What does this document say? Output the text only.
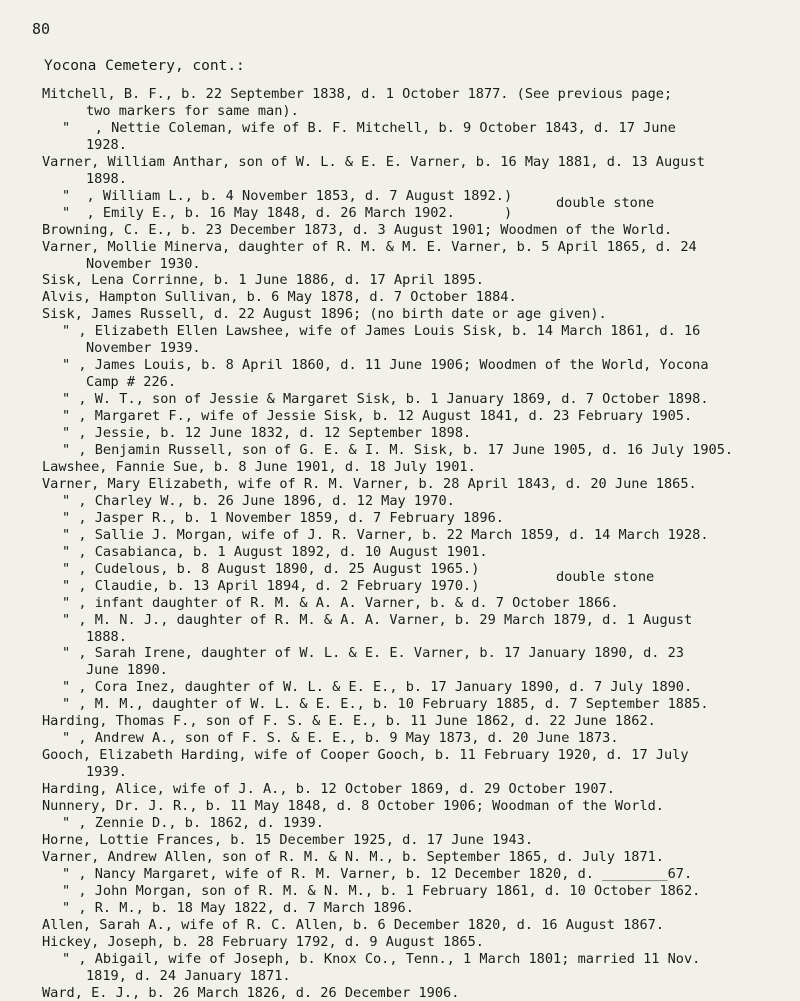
80
Yocona Cemetery, cont.:
Mitchell, B. F., b. 22 September 1838, d. 1 October 1877. (See previous page;
two markers for same man).
"   , Nettie Coleman, wife of B. F. Mitchell, b. 9 October 1843, d. 17 June
1928.
Varner, William Anthar, son of W. L. & E. E. Varner, b. 16 May 1881, d. 13 August
1898.
"  , William L., b. 4 November 1853, d. 7 August 1892.)
"  , Emily E., b. 16 May 1848, d. 26 March 1902.      )
double stone
Browning, C. E., b. 23 December 1873, d. 3 August 1901; Woodmen of the World.
Varner, Mollie Minerva, daughter of R. M. & M. E. Varner, b. 5 April 1865, d. 24
November 1930.
Sisk, Lena Corrinne, b. 1 June 1886, d. 17 April 1895.
Alvis, Hampton Sullivan, b. 6 May 1878, d. 7 October 1884.
Sisk, James Russell, d. 22 August 1896; (no birth date or age given).
" , Elizabeth Ellen Lawshee, wife of James Louis Sisk, b. 14 March 1861, d. 16
November 1939.
" , James Louis, b. 8 April 1860, d. 11 June 1906; Woodmen of the World, Yocona
Camp # 226.
" , W. T., son of Jessie & Margaret Sisk, b. 1 January 1869, d. 7 October 1898.
" , Margaret F., wife of Jessie Sisk, b. 12 August 1841, d. 23 February 1905.
" , Jessie, b. 12 June 1832, d. 12 September 1898.
" , Benjamin Russell, son of G. E. & I. M. Sisk, b. 17 June 1905, d. 16 July 1905.
Lawshee, Fannie Sue, b. 8 June 1901, d. 18 July 1901.
Varner, Mary Elizabeth, wife of R. M. Varner, b. 28 April 1843, d. 20 June 1865.
" , Charley W., b. 26 June 1896, d. 12 May 1970.
" , Jasper R., b. 1 November 1859, d. 7 February 1896.
" , Sallie J. Morgan, wife of J. R. Varner, b. 22 March 1859, d. 14 March 1928.
" , Casabianca, b. 1 August 1892, d. 10 August 1901.
" , Cudelous, b. 8 August 1890, d. 25 August 1965.)
" , Claudie, b. 13 April 1894, d. 2 February 1970.)
double stone
" , infant daughter of R. M. & A. A. Varner, b. & d. 7 October 1866.
" , M. N. J., daughter of R. M. & A. A. Varner, b. 29 March 1879, d. 1 August
1888.
" , Sarah Irene, daughter of W. L. & E. E. Varner, b. 17 January 1890, d. 23
June 1890.
" , Cora Inez, daughter of W. L. & E. E., b. 17 January 1890, d. 7 July 1890.
" , M. M., daughter of W. L. & E. E., b. 10 February 1885, d. 7 September 1885.
Harding, Thomas F., son of F. S. & E. E., b. 11 June 1862, d. 22 June 1862.
" , Andrew A., son of F. S. & E. E., b. 9 May 1873, d. 20 June 1873.
Gooch, Elizabeth Harding, wife of Cooper Gooch, b. 11 February 1920, d. 17 July
1939.
Harding, Alice, wife of J. A., b. 12 October 1869, d. 29 October 1907.
Nunnery, Dr. J. R., b. 11 May 1848, d. 8 October 1906; Woodman of the World.
" , Zennie D., b. 1862, d. 1939.
Horne, Lottie Frances, b. 15 December 1925, d. 17 June 1943.
Varner, Andrew Allen, son of R. M. & N. M., b. September 1865, d. July 1871.
" , Nancy Margaret, wife of R. M. Varner, b. 12 December 1820, d. ________67.
" , John Morgan, son of R. M. & N. M., b. 1 February 1861, d. 10 October 1862.
" , R. M., b. 18 May 1822, d. 7 March 1896.
Allen, Sarah A., wife of R. C. Allen, b. 6 December 1820, d. 16 August 1867.
Hickey, Joseph, b. 28 February 1792, d. 9 August 1865.
" , Abigail, wife of Joseph, b. Knox Co., Tenn., 1 March 1801; married 11 Nov.
1819, d. 24 January 1871.
Ward, E. J., b. 26 March 1826, d. 26 December 1906.
